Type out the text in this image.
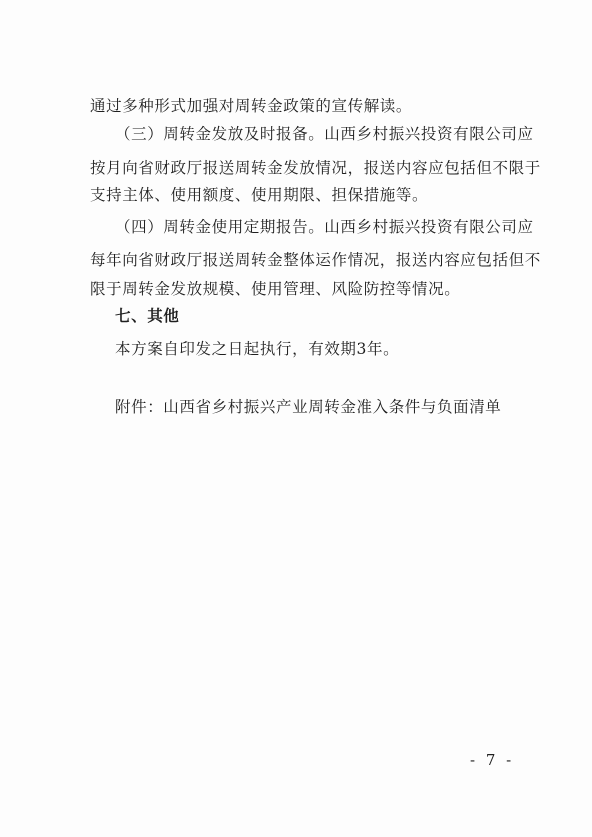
通过多种形式加强对周转金政策的宣传解读。
（三）周转金发放及时报备。山西乡村振兴投资有限公司应
按月向省财政厅报送周转金发放情况，报送内容应包括但不限于
支持主体、使用额度、使用期限、担保措施等。
（四）周转金使用定期报告。山西乡村振兴投资有限公司应
每年向省财政厅报送周转金整体运作情况，报送内容应包括但不
限于周转金发放规模、使用管理、风险防控等情况。
七、其他
本方案自印发之日起执行，有效期3年。
附件：山西省乡村振兴产业周转金准入条件与负面清单
- 7 -
